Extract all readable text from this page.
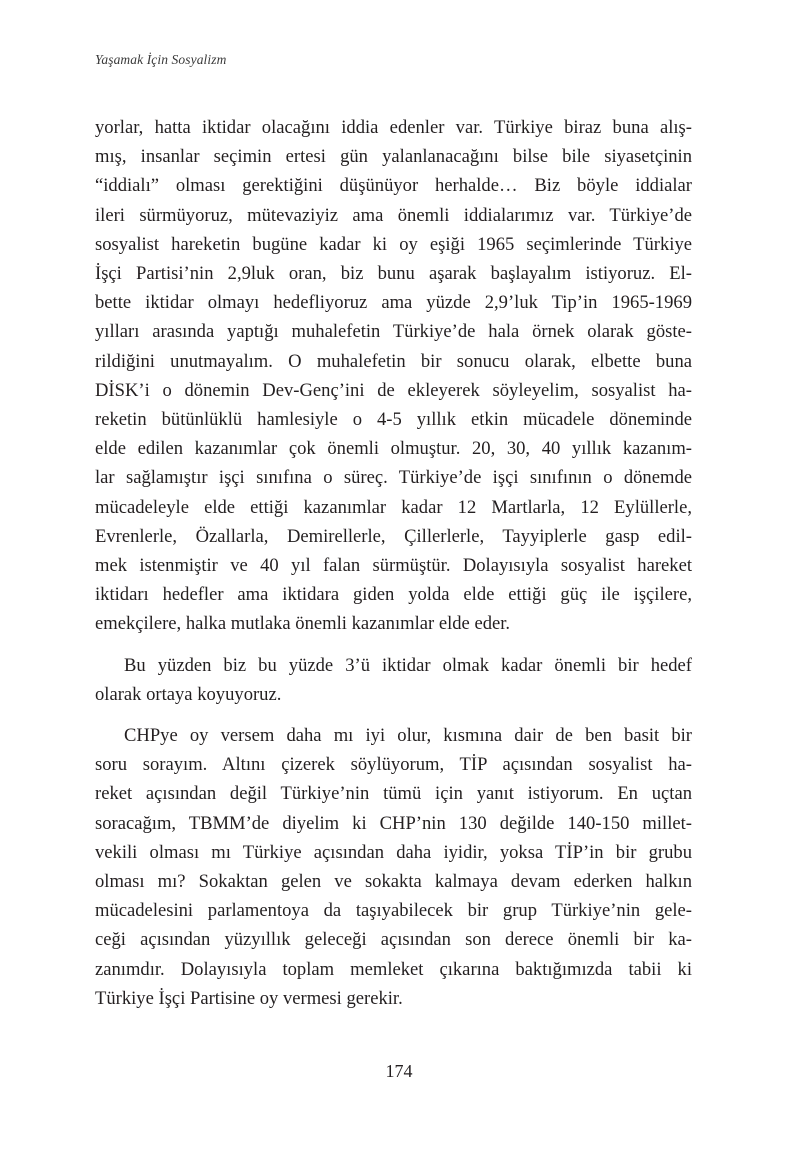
Yaşamak İçin Sosyalizm

yorlar, hatta iktidar olacağını iddia edenler var. Türkiye biraz buna alış-
mış, insanlar seçimin ertesi gün yalanlanacağını bilse bile siyasetçinin
“iddialı” olması gerektiğini düşünüyor herhalde… Biz böyle iddialar
ileri sürmüyoruz, mütevaziyiz ama önemli iddialarımız var. Türkiye’de
sosyalist hareketin bugüne kadar ki oy eşiği 1965 seçimlerinde Türkiye
İşçi Partisi’nin 2,9luk oran, biz bunu aşarak başlayalım istiyoruz. El-
bette iktidar olmayı hedefliyoruz ama yüzde 2,9’luk Tip’in 1965-1969
yılları arasında yaptığı muhalefetin Türkiye’de hala örnek olarak göste-
rildiğini unutmayalım. O muhalefetin bir sonucu olarak, elbette buna
DİSK’i o dönemin Dev-Genç’ini de ekleyerek söyleyelim, sosyalist ha-
reketin bütünlüklü hamlesiyle o 4-5 yıllık etkin mücadele döneminde
elde edilen kazanımlar çok önemli olmuştur. 20, 30, 40 yıllık kazanım-
lar sağlamıştır işçi sınıfına o süreç. Türkiye’de işçi sınıfının o dönemde
mücadeleyle elde ettiği kazanımlar kadar 12 Martlarla, 12 Eylüllerle,
Evrenlerle, Özallarla, Demirellerle, Çillerlerle, Tayyiplerle gasp edil-
mek istenmiştir ve 40 yıl falan sürmüştür. Dolayısıyla sosyalist hareket
iktidarı hedefler ama iktidara giden yolda elde ettiği güç ile işçilere,
emekçilere, halka mutlaka önemli kazanımlar elde eder.

Bu yüzden biz bu yüzde 3’ü iktidar olmak kadar önemli bir hedef
olarak ortaya koyuyoruz.

CHPye oy versem daha mı iyi olur, kısmına dair de ben basit bir
soru sorayım. Altını çizerek söylüyorum, TİP açısından sosyalist ha-
reket açısından değil Türkiye’nin tümü için yanıt istiyorum. En uçtan
soracağım, TBMM’de diyelim ki CHP’nin 130 değilde 140-150 millet-
vekili olması mı Türkiye açısından daha iyidir, yoksa TİP’in bir grubu
olması mı? Sokaktan gelen ve sokakta kalmaya devam ederken halkın
mücadelesini parlamentoya da taşıyabilecek bir grup Türkiye’nin gele-
ceği açısından yüzyıllık geleceği açısından son derece önemli bir ka-
zanımdır. Dolayısıyla toplam memleket çıkarına baktığımızda tabii ki
Türkiye İşçi Partisine oy vermesi gerekir.

174
